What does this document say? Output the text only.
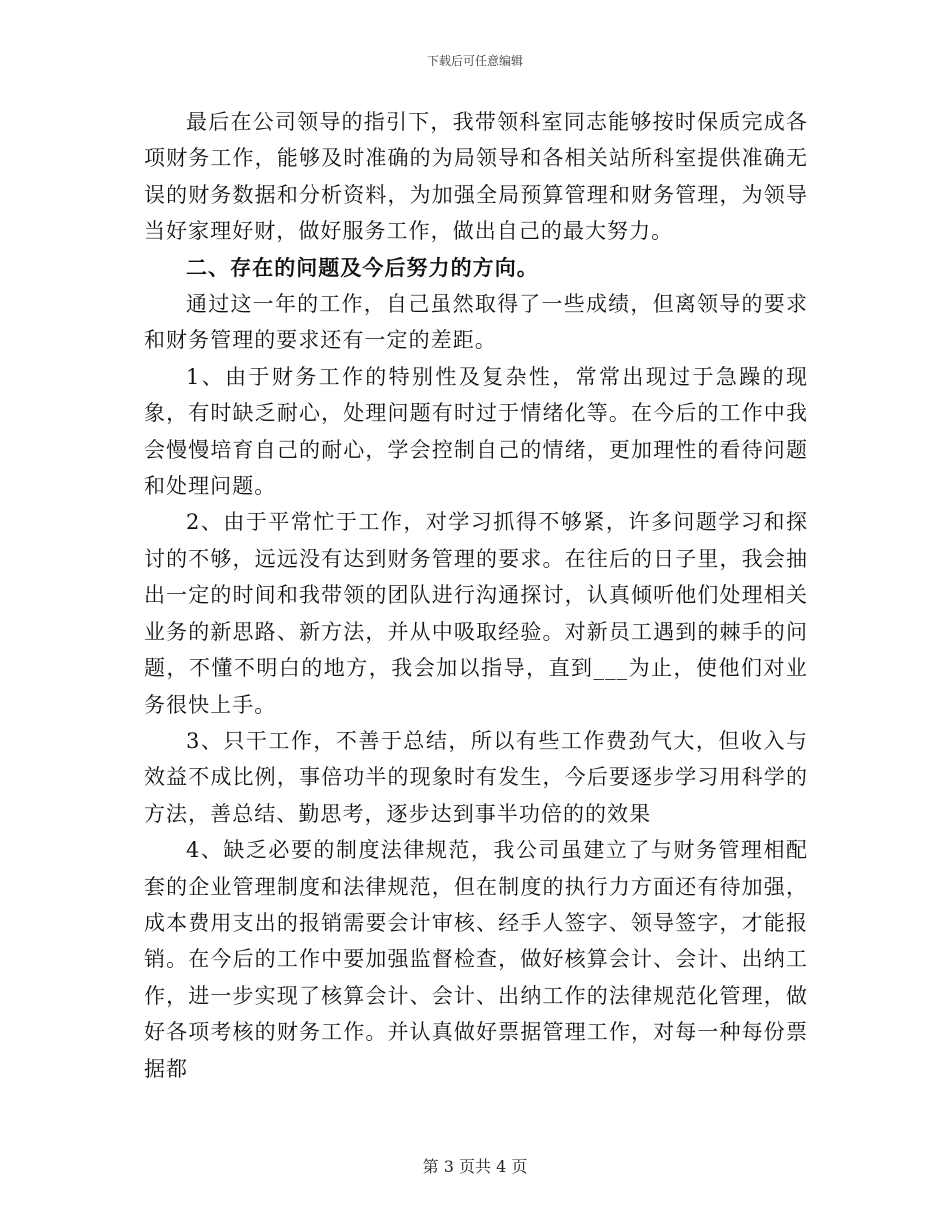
下载后可任意编辑

最后在公司领导的指引下，我带领科室同志能够按时保质完成各项财务工作，能够及时准确的为局领导和各相关站所科室提供准确无误的财务数据和分析资料，为加强全局预算管理和财务管理，为领导当好家理好财，做好服务工作，做出自己的最大努力。

二、存在的问题及今后努力的方向。

通过这一年的工作，自己虽然取得了一些成绩，但离领导的要求和财务管理的要求还有一定的差距。

1、由于财务工作的特别性及复杂性，常常出现过于急躁的现象，有时缺乏耐心，处理问题有时过于情绪化等。在今后的工作中我会慢慢培育自己的耐心，学会控制自己的情绪，更加理性的看待问题和处理问题。

2、由于平常忙于工作，对学习抓得不够紧，许多问题学习和探讨的不够，远远没有达到财务管理的要求。在往后的日子里，我会抽出一定的时间和我带领的团队进行沟通探讨，认真倾听他们处理相关业务的新思路、新方法，并从中吸取经验。对新员工遇到的棘手的问题，不懂不明白的地方，我会加以指导，直到___为止，使他们对业务很快上手。

3、只干工作，不善于总结，所以有些工作费劲气大，但收入与效益不成比例，事倍功半的现象时有发生，今后要逐步学习用科学的方法，善总结、勤思考，逐步达到事半功倍的的效果

4、缺乏必要的制度法律规范，我公司虽建立了与财务管理相配套的企业管理制度和法律规范，但在制度的执行力方面还有待加强，成本费用支出的报销需要会计审核、经手人签字、领导签字，才能报销。在今后的工作中要加强监督检查，做好核算会计、会计、出纳工作，进一步实现了核算会计、会计、出纳工作的法律规范化管理，做好各项考核的财务工作。并认真做好票据管理工作，对每一种每份票据都

第 3 页共 4 页
